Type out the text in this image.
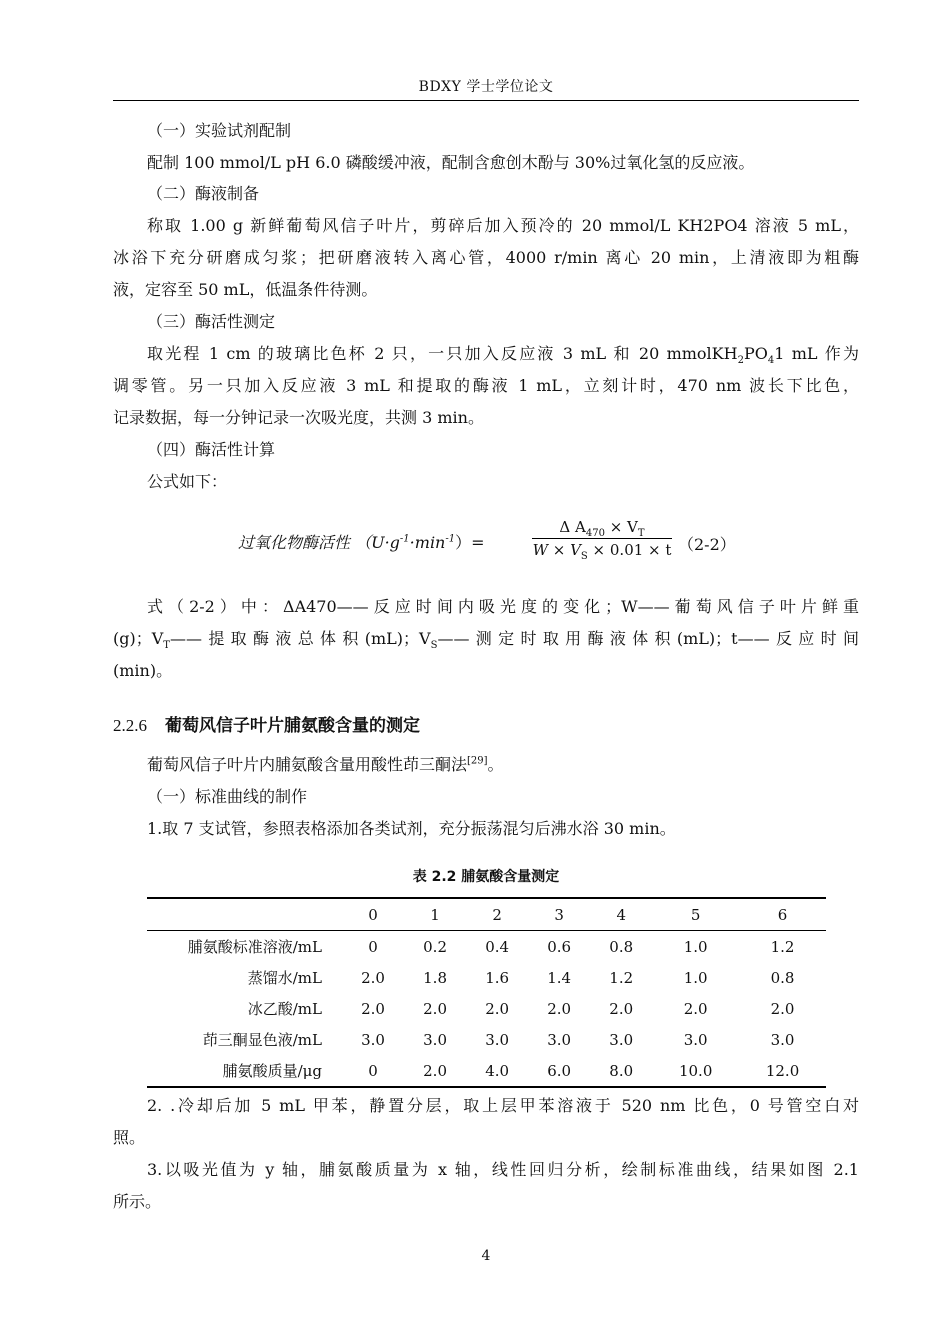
BDXY 学士学位论文
（一）实验试剂配制
配制 100 mmol/L pH 6.0 磷酸缓冲液，配制含愈创木酚与 30%过氧化氢的反应液。
（二）酶液制备
称取 1.00 g 新鲜葡萄风信子叶片，剪碎后加入预冷的 20 mmol/L KH2PO4 溶液 5 mL，
冰浴下充分研磨成匀浆；把研磨液转入离心管，4000 r/min 离心 20 min，上清液即为粗酶
液，定容至 50 mL，低温条件待测。
（三）酶活性测定
取光程 1 cm 的玻璃比色杯 2 只，一只加入反应液 3 mL 和 20 $mmolKH_2PO_41$ mL 作为
调零管。另一只加入反应液 3 mL 和提取的酶液 1 mL，立刻计时，470 nm 波长下比色，
记录数据，每一分钟记录一次吸光度，共测 3 min。
（四）酶活性计算
公式如下：
过氧化物酶活性 $(U\cdot g^{-1}\cdot\min^{-1})=$	$\frac{\Delta A_{470} \times V_T}{W \times V_S \times 0.01 \times t} (2-2)$
式（2-2）中：ΔA470——反应时间内吸光度的变化；W——葡萄风信子叶片鲜重
(g)；$V_T——$提取酶液总体积(mL)；$V_S——$测定时取用酶液体积(mL)；t——反应时间
(min)。
2.2.6 葡萄风信子叶片脯氨酸含量的测定
葡萄风信子叶片内脯氨酸含量用酸性茚三酮法[29]。
（一）标准曲线的制作
1.取 7 支试管，参照表格添加各类试剂，充分振荡混匀后沸水浴 30 min。
表 2.2 脯氨酸含量测定
	0	1	2	3	4	5	6
脯氨酸标准溶液/mL	0	0.2	0.4	0.6	0.8	1.0	1.2
蒸馏水/mL	2.0	1.8	1.6	1.4	1.2	1.0	0.8
冰乙酸/mL	2.0	2.0	2.0	2.0	2.0	2.0	2.0
茚三酮显色液/mL	3.0	3.0	3.0	3.0	3.0	3.0	3.0
脯氨酸质量/μg	0	2.0	4.0	6.0	8.0	10.0	12.0
2. .冷却后加 5 mL 甲苯，静置分层，取上层甲苯溶液于 520 nm 比色，0 号管空白对
照。
3.以吸光值为 y 轴，脯氨酸质量为 x 轴，线性回归分析，绘制标准曲线，结果如图 2.1
所示。
4
